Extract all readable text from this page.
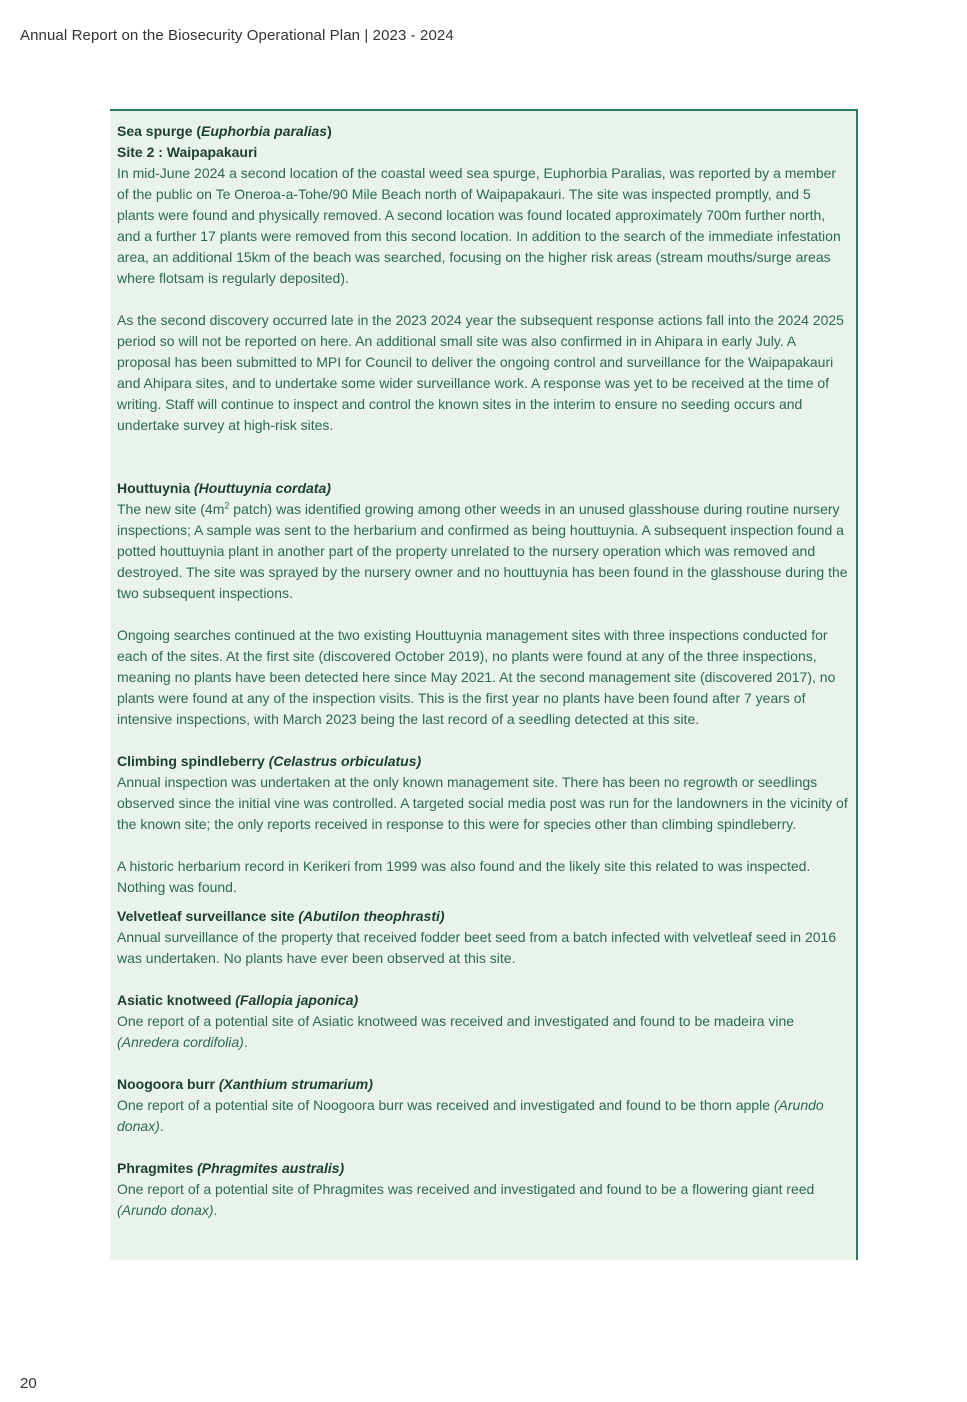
Annual Report on the Biosecurity Operational Plan | 2023 - 2024

Sea spurge (Euphorbia paralias)

Site 2 : Waipapakauri

In mid-June 2024 a second location of the coastal weed sea spurge, Euphorbia Paralias, was reported by a member of the public on Te Oneroa-a-Tohe/90 Mile Beach north of Waipapakauri. The site was inspected promptly, and 5 plants were found and physically removed. A second location was found located approximately 700m further north, and a further 17 plants were removed from this second location. In addition to the search of the immediate infestation area, an additional 15km of the beach was searched, focusing on the higher risk areas (stream mouths/surge areas where flotsam is regularly deposited).

As the second discovery occurred late in the 2023 2024 year the subsequent response actions fall into the 2024 2025 period so will not be reported on here. An additional small site was also confirmed in in Ahipara in early July. A proposal has been submitted to MPI for Council to deliver the ongoing control and surveillance for the Waipapakauri and Ahipara sites, and to undertake some wider surveillance work. A response was yet to be received at the time of writing. Staff will continue to inspect and control the known sites in the interim to ensure no seeding occurs and undertake survey at high-risk sites.

Houttuynia (Houttuynia cordata)

The new site ($4m^2$ patch) was identified growing among other weeds in an unused glasshouse during routine nursery inspections; A sample was sent to the herbarium and confirmed as being houttuynia. A subsequent inspection found a potted houttuynia plant in another part of the property unrelated to the nursery operation which was removed and destroyed. The site was sprayed by the nursery owner and no houttuynia has been found in the glasshouse during the two subsequent inspections.

Ongoing searches continued at the two existing Houttuynia management sites with three inspections conducted for each of the sites. At the first site (discovered October 2019), no plants were found at any of the three inspections, meaning no plants have been detected here since May 2021. At the second management site (discovered 2017), no plants were found at any of the inspection visits. This is the first year no plants have been found after 7 years of intensive inspections, with March 2023 being the last record of a seedling detected at this site.

Climbing spindleberry (Celastrus orbiculatus)

Annual inspection was undertaken at the only known management site. There has been no regrowth or seedlings observed since the initial vine was controlled. A targeted social media post was run for the landowners in the vicinity of the known site; the only reports received in response to this were for species other than climbing spindleberry.

A historic herbarium record in Kerikeri from 1999 was also found and the likely site this related to was inspected. Nothing was found.

Velvetleaf surveillance site (Abutilon theophrasti)

Annual surveillance of the property that received fodder beet seed from a batch infected with velvetleaf seed in 2016 was undertaken. No plants have ever been observed at this site.

Asiatic knotweed (Fallopia japonica)

One report of a potential site of Asiatic knotweed was received and investigated and found to be madeira vine (Anredera cordifolia).

Noogoora burr (Xanthium strumarium)

One report of a potential site of Noogoora burr was received and investigated and found to be thorn apple (Arundo donax).

Phragmites (Phragmites australis)

One report of a potential site of Phragmites was received and investigated and found to be a flowering giant reed (Arundo donax).

20
